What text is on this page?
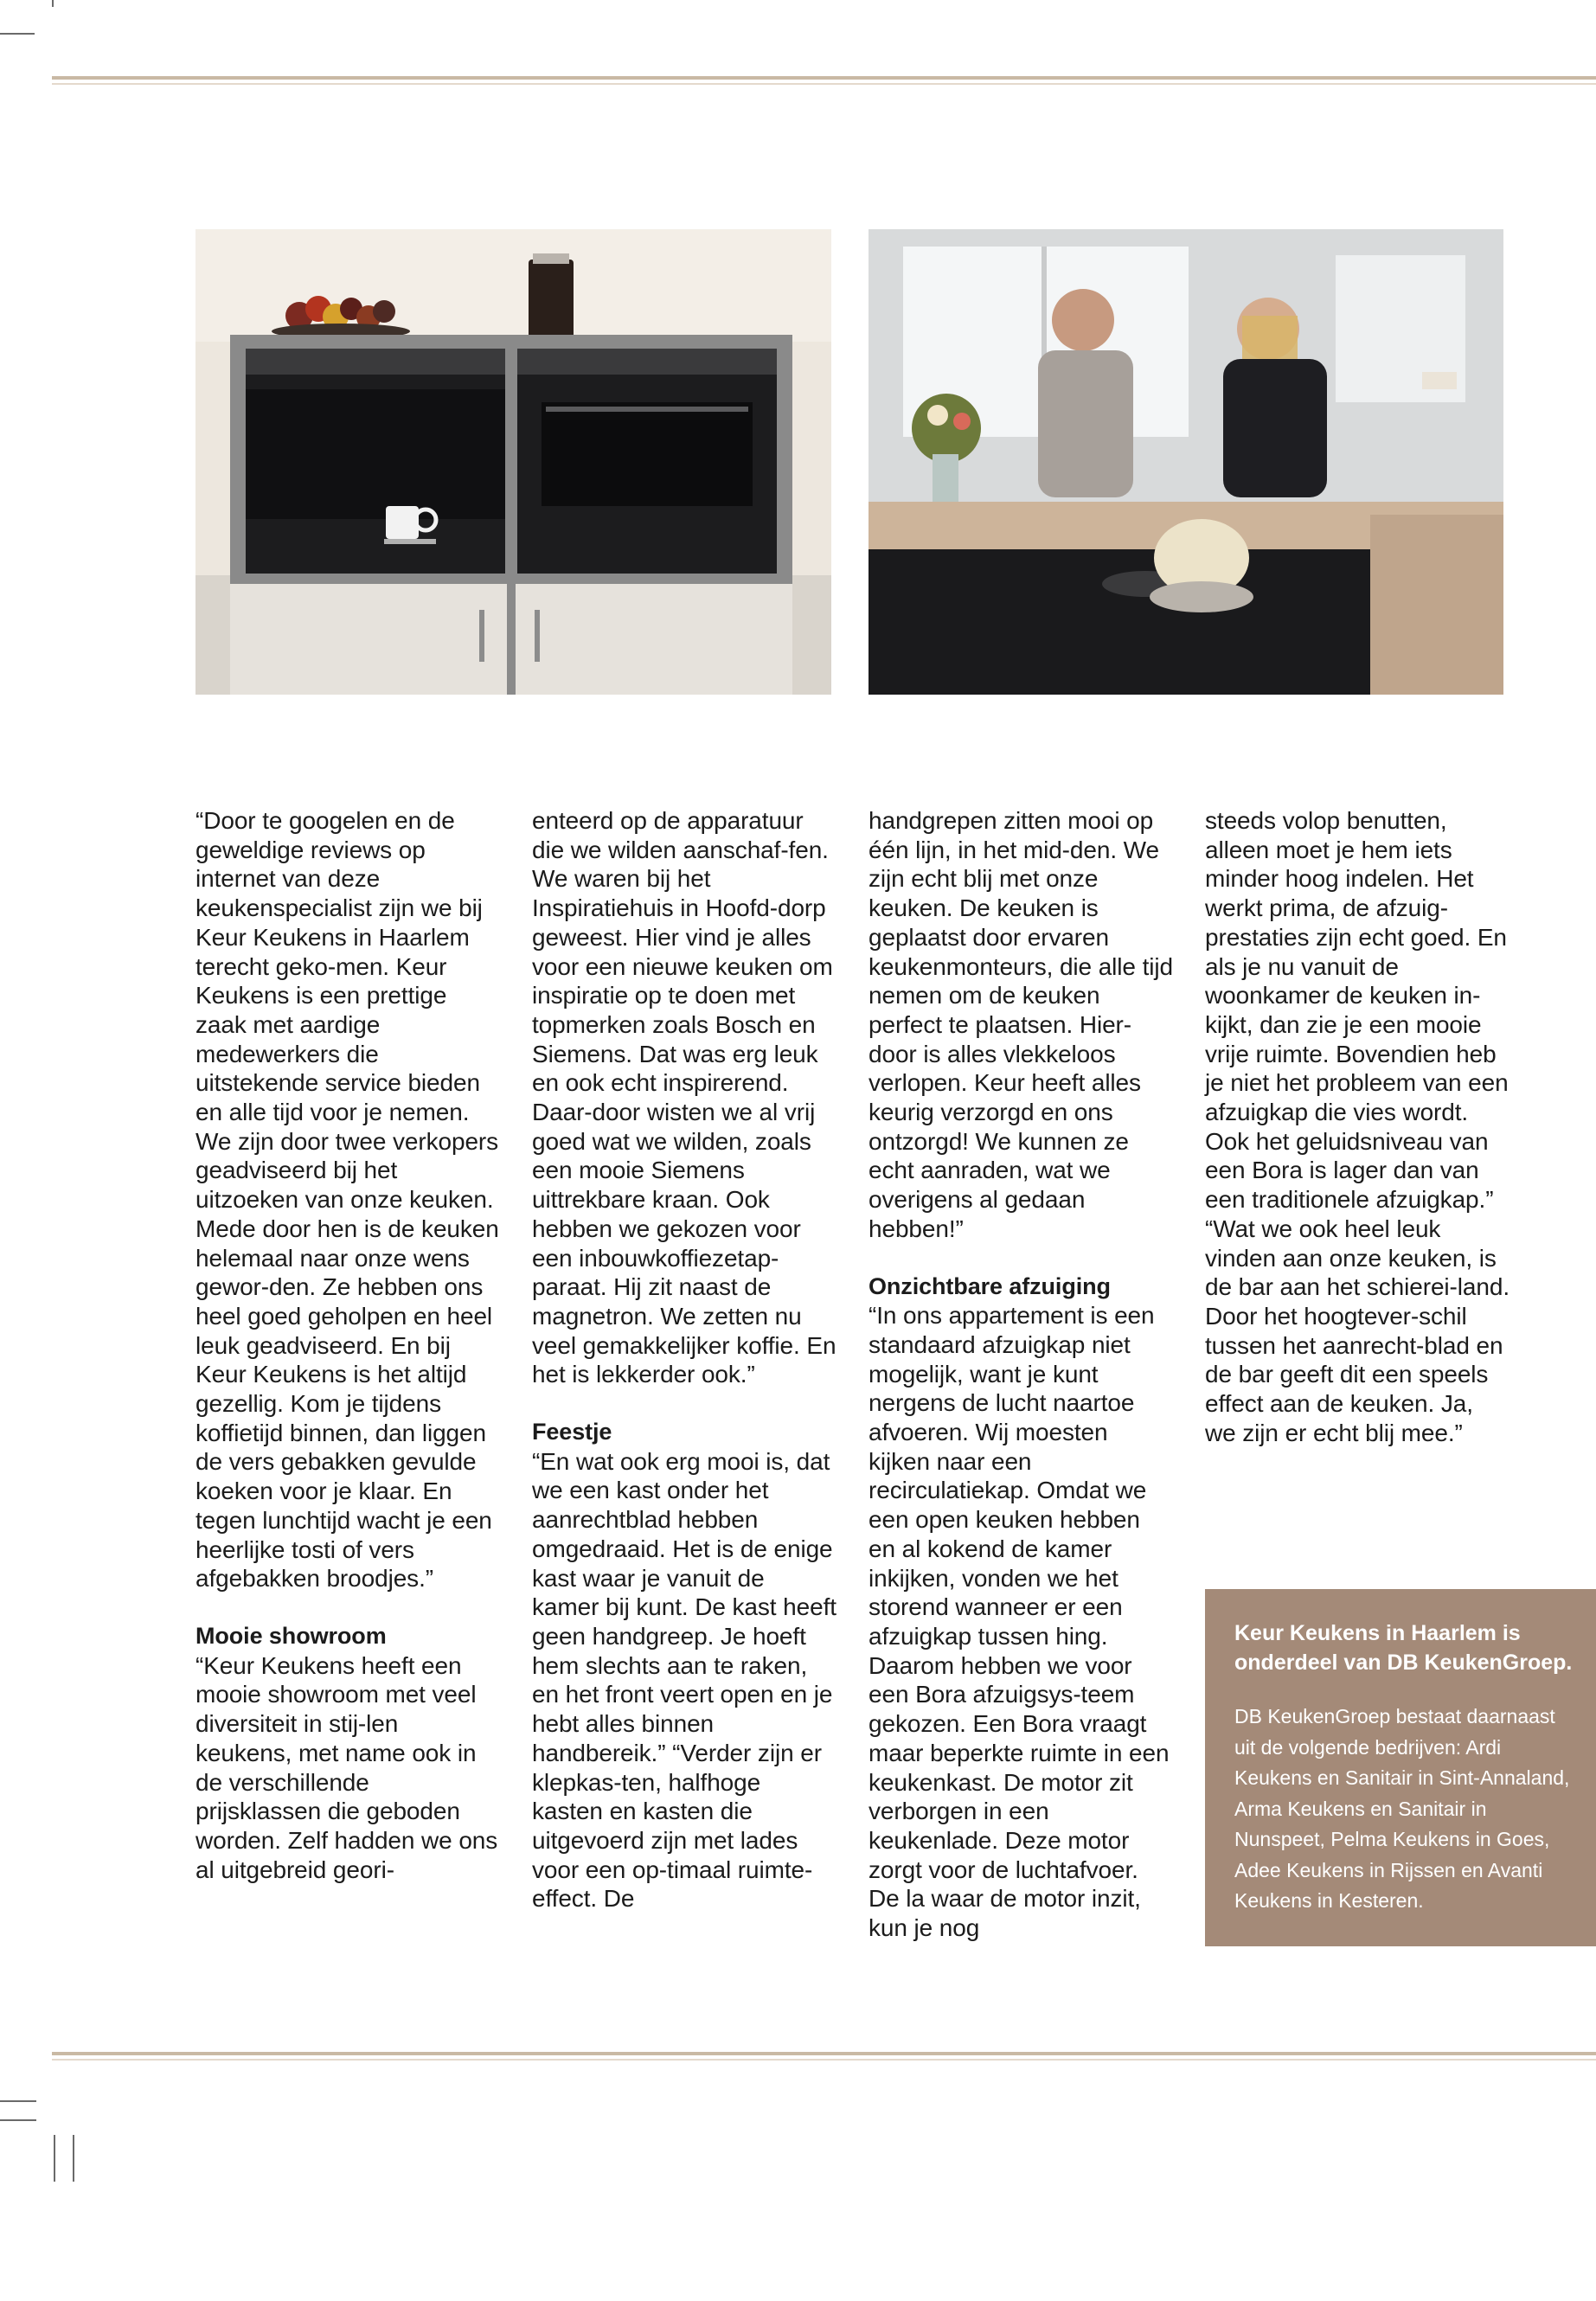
“Door te googelen en de geweldige reviews op internet van deze keukenspecialist zijn we bij Keur Keukens in Haarlem terecht geko-men. Keur Keukens is een prettige zaak met aardige medewerkers die uitstekende service bieden en alle tijd voor je nemen. We zijn door twee verkopers geadviseerd bij het uitzoeken van onze keuken. Mede door hen is de keuken helemaal naar onze wens gewor-den. Ze hebben ons heel goed geholpen en heel leuk geadviseerd. En bij Keur Keukens is het altijd gezellig. Kom je tijdens koffietijd binnen, dan liggen de vers gebakken gevulde koeken voor je klaar. En tegen lunchtijd wacht je een heerlijke tosti of vers afgebakken broodjes.”

Mooie showroom

“Keur Keukens heeft een mooie showroom met veel diversiteit in stij-len keukens, met name ook in de verschillende prijsklassen die geboden worden. Zelf hadden we ons al uitgebreid geori-

enteerd op de apparatuur die we wilden aanschaf-fen. We waren bij het Inspiratiehuis in Hoofd-dorp geweest. Hier vind je alles voor een nieuwe keuken om inspiratie op te doen met topmerken zoals Bosch en Siemens. Dat was erg leuk en ook echt inspirerend. Daar-door wisten we al vrij goed wat we wilden, zoals een mooie Siemens uittrekbare kraan. Ook hebben we gekozen voor een inbouwkoffiezetap-paraat. Hij zit naast de magnetron. We zetten nu veel gemakkelijker koffie. En het is lekkerder ook.”

Feestje

“En wat ook erg mooi is, dat we een kast onder het aanrechtblad hebben omgedraaid. Het is de enige kast waar je vanuit de kamer bij kunt. De kast heeft geen handgreep. Je hoeft hem slechts aan te raken, en het front veert open en je hebt alles binnen handbereik.” “Verder zijn er klepkas-ten, halfhoge kasten en kasten die uitgevoerd zijn met lades voor een op-timaal ruimte-effect. De

handgrepen zitten mooi op één lijn, in het mid-den. We zijn echt blij met onze keuken. De keuken is geplaatst door ervaren keukenmonteurs, die alle tijd nemen om de keuken perfect te plaatsen. Hier-door is alles vlekkeloos verlopen. Keur heeft alles keurig verzorgd en ons ontzorgd! We kunnen ze echt aanraden, wat we overigens al gedaan hebben!”

Onzichtbare afzuiging

“In ons appartement is een standaard afzuigkap niet mogelijk, want je kunt nergens de lucht naartoe afvoeren. Wij moesten kijken naar een recirculatiekap. Omdat we een open keuken hebben en al kokend de kamer inkijken, vonden we het storend wanneer er een afzuigkap tussen hing. Daarom hebben we voor een Bora afzuigsys-teem gekozen. Een Bora vraagt maar beperkte ruimte in een keukenkast. De motor zit verborgen in een keukenlade. Deze motor zorgt voor de luchtafvoer. De la waar de motor inzit, kun je nog

steeds volop benutten, alleen moet je hem iets minder hoog indelen. Het werkt prima, de afzuig-prestaties zijn echt goed. En als je nu vanuit de woonkamer de keuken in-kijkt, dan zie je een mooie vrije ruimte. Bovendien heb je niet het probleem van een afzuigkap die vies wordt. Ook het geluidsniveau van een Bora is lager dan van een traditionele afzuigkap.” “Wat we ook heel leuk vinden aan onze keuken, is de bar aan het schierei-land. Door het hoogtever-schil tussen het aanrecht-blad en de bar geeft dit een speels effect aan de keuken. Ja, we zijn er echt blij mee.”

Keur Keukens in Haarlem is onderdeel van DB KeukenGroep.

DB KeukenGroep bestaat daarnaast uit de volgende bedrijven: Ardi Keukens en Sanitair in Sint-Annaland, Arma Keukens en Sanitair in Nunspeet, Pelma Keukens in Goes, Adee Keukens in Rijssen en Avanti Keukens in Kesteren.
